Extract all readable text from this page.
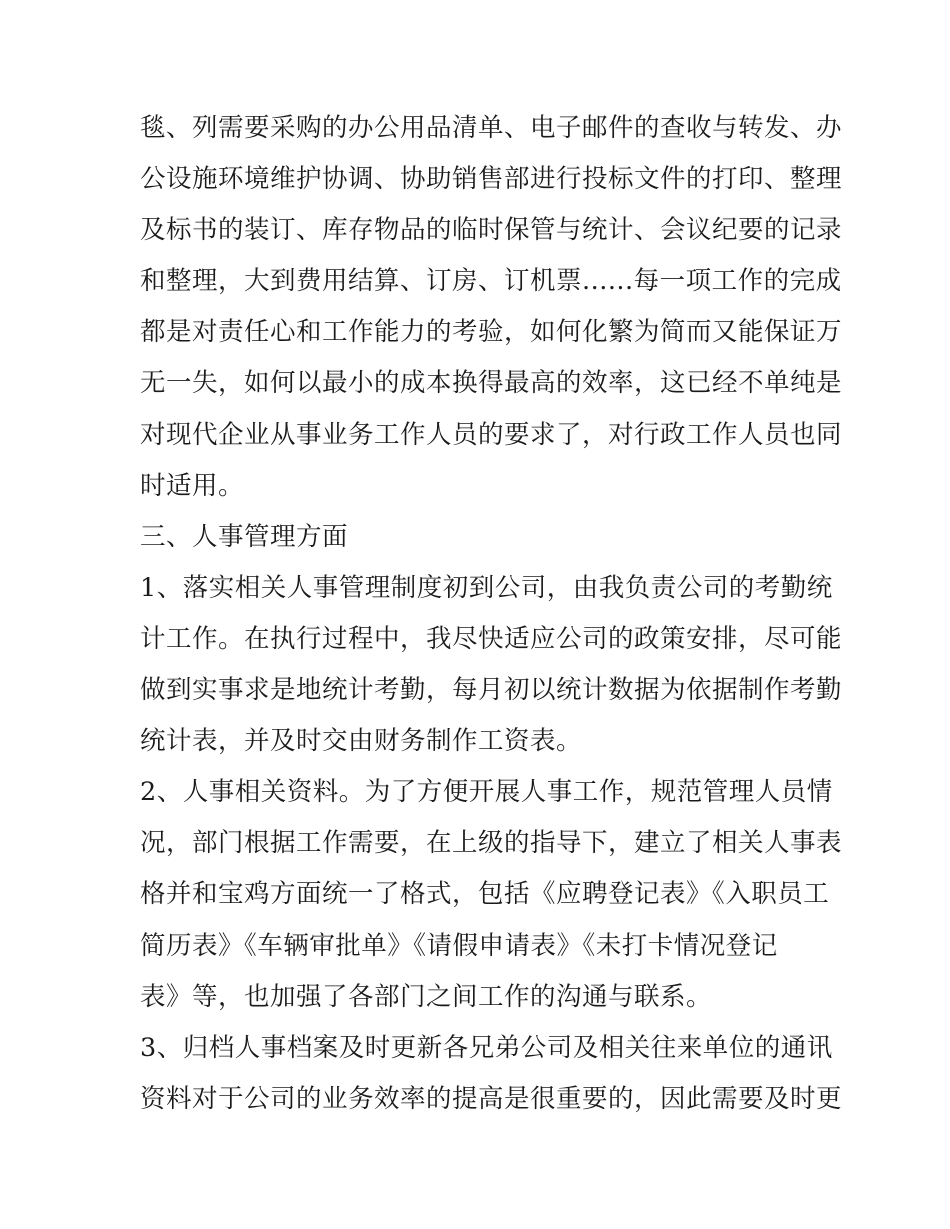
毯、列需要采购的办公用品清单、电子邮件的查收与转发、办
公设施环境维护协调、协助销售部进行投标文件的打印、整理
及标书的装订、库存物品的临时保管与统计、会议纪要的记录
和整理，大到费用结算、订房、订机票......每一项工作的完成
都是对责任心和工作能力的考验，如何化繁为简而又能保证万
无一失，如何以最小的成本换得最高的效率，这已经不单纯是
对现代企业从事业务工作人员的要求了，对行政工作人员也同
时适用。
三、人事管理方面
1、落实相关人事管理制度初到公司，由我负责公司的考勤统
计工作。在执行过程中，我尽快适应公司的政策安排，尽可能
做到实事求是地统计考勤，每月初以统计数据为依据制作考勤
统计表，并及时交由财务制作工资表。
2、人事相关资料。为了方便开展人事工作，规范管理人员情
况，部门根据工作需要，在上级的指导下，建立了相关人事表
格并和宝鸡方面统一了格式，包括《应聘登记表》《入职员工
简历表》《车辆审批单》《请假申请表》《未打卡情况登记
表》等，也加强了各部门之间工作的沟通与联系。
3、归档人事档案及时更新各兄弟公司及相关往来单位的通讯
资料对于公司的业务效率的提高是很重要的，因此需要及时更
